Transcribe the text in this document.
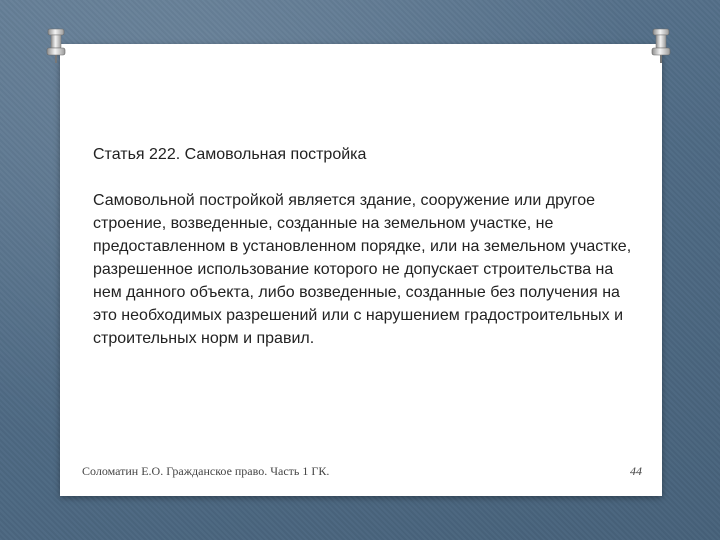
Статья 222. Самовольная постройка

Самовольной постройкой является здание, сооружение или другое строение, возведенные, созданные на земельном участке, не предоставленном в установленном порядке, или на земельном участке, разрешенное использование которого не допускает строительства на нем данного объекта, либо возведенные, созданные без получения на это необходимых разрешений или с нарушением градостроительных и строительных норм и правил.

Соломатин Е.О. Гражданское право. Часть 1 ГК.	44
